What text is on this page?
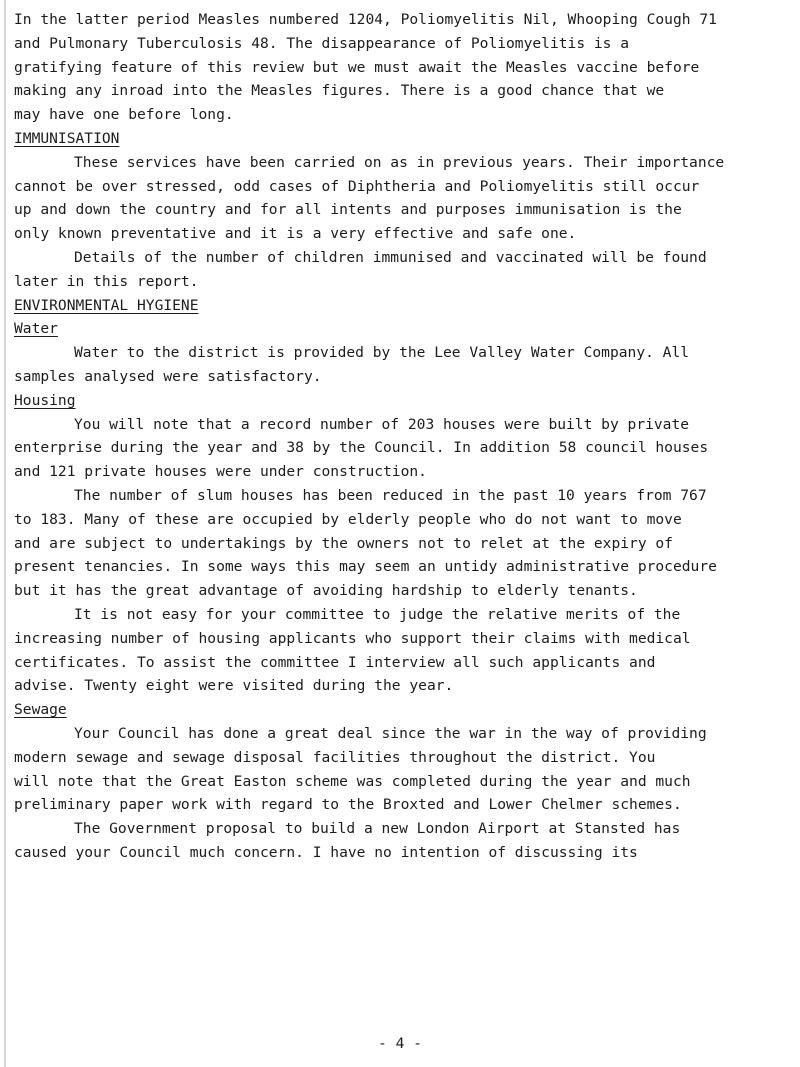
In the latter period Measles numbered 1204, Poliomyelitis Nil, Whooping Cough 71
and Pulmonary Tuberculosis 48. The disappearance of Poliomyelitis is a
gratifying feature of this review but we must await the Measles vaccine before
making any inroad into the Measles figures. There is a good chance that we
may have one before long.
IMMUNISATION
These services have been carried on as in previous years. Their importance
cannot be over stressed, odd cases of Diphtheria and Poliomyelitis still occur
up and down the country and for all intents and purposes immunisation is the
only known preventative and it is a very effective and safe one.
Details of the number of children immunised and vaccinated will be found
later in this report.
ENVIRONMENTAL HYGIENE
Water
Water to the district is provided by the Lee Valley Water Company. All
samples analysed were satisfactory.
Housing
You will note that a record number of 203 houses were built by private
enterprise during the year and 38 by the Council. In addition 58 council houses
and 121 private houses were under construction.
The number of slum houses has been reduced in the past 10 years from 767
to 183. Many of these are occupied by elderly people who do not want to move
and are subject to undertakings by the owners not to relet at the expiry of
present tenancies. In some ways this may seem an untidy administrative procedure
but it has the great advantage of avoiding hardship to elderly tenants.
It is not easy for your committee to judge the relative merits of the
increasing number of housing applicants who support their claims with medical
certificates. To assist the committee I interview all such applicants and
advise. Twenty eight were visited during the year.
Sewage
Your Council has done a great deal since the war in the way of providing
modern sewage and sewage disposal facilities throughout the district. You
will note that the Great Easton scheme was completed during the year and much
preliminary paper work with regard to the Broxted and Lower Chelmer schemes.
The Government proposal to build a new London Airport at Stansted has
caused your Council much concern. I have no intention of discussing its
- 4 -
